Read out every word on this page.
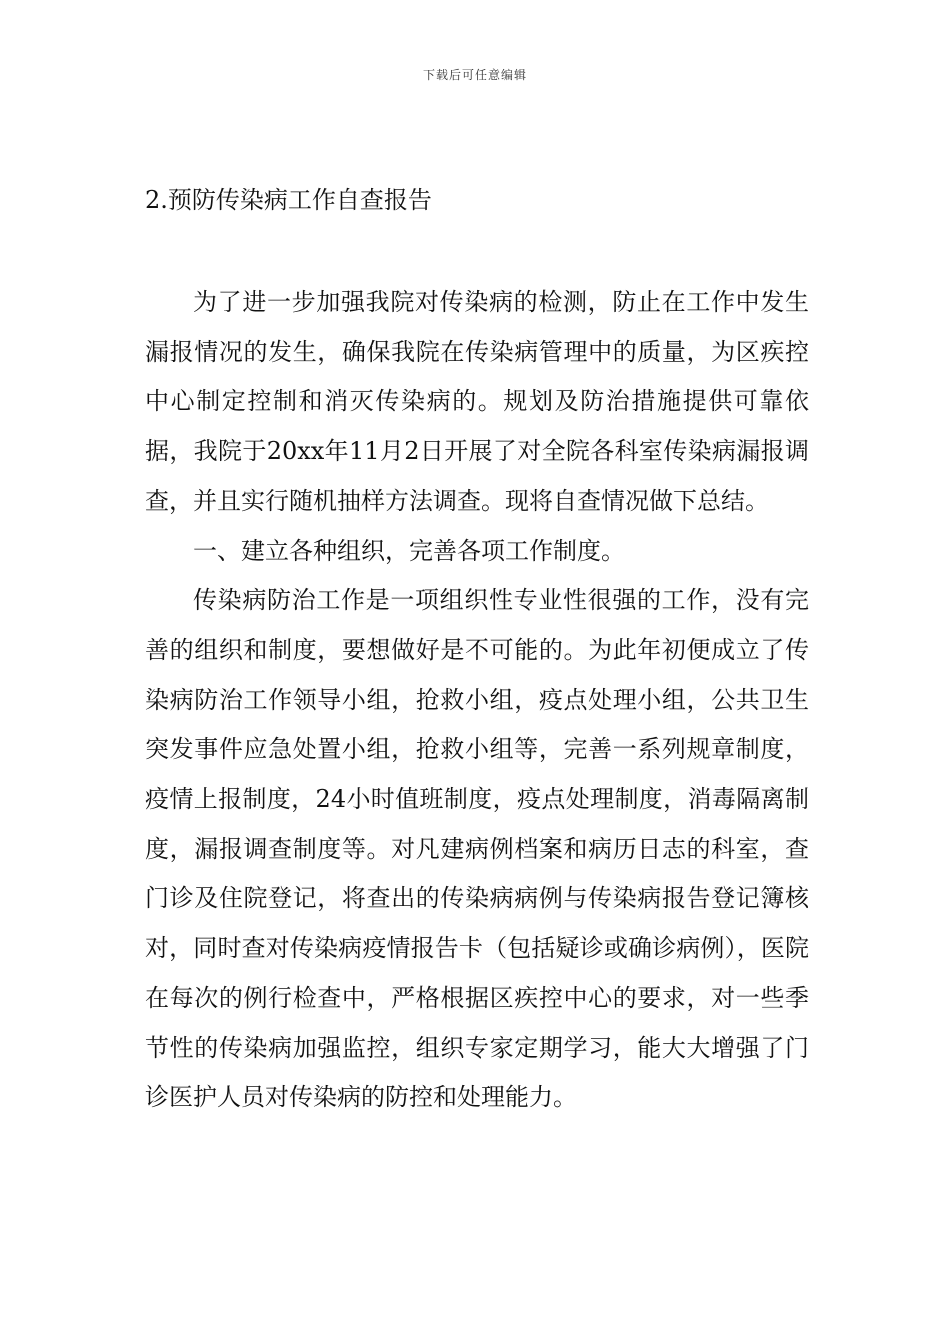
下载后可任意编辑
2.预防传染病工作自查报告

为了进一步加强我院对传染病的检测，防止在工作中发生漏报情况的发生，确保我院在传染病管理中的质量，为区疾控中心制定控制和消灭传染病的。规划及防治措施提供可靠依据，我院于20xx年11月2日开展了对全院各科室传染病漏报调查，并且实行随机抽样方法调查。现将自查情况做下总结。

一、建立各种组织，完善各项工作制度。

传染病防治工作是一项组织性专业性很强的工作，没有完善的组织和制度，要想做好是不可能的。为此年初便成立了传染病防治工作领导小组，抢救小组，疫点处理小组，公共卫生突发事件应急处置小组，抢救小组等，完善一系列规章制度，疫情上报制度，24小时值班制度，疫点处理制度，消毒隔离制度，漏报调查制度等。对凡建病例档案和病历日志的科室，查门诊及住院登记，将查出的传染病病例与传染病报告登记簿核对，同时查对传染病疫情报告卡（包括疑诊或确诊病例），医院在每次的例行检查中，严格根据区疾控中心的要求，对一些季节性的传染病加强监控，组织专家定期学习，能大大增强了门诊医护人员对传染病的防控和处理能力。
